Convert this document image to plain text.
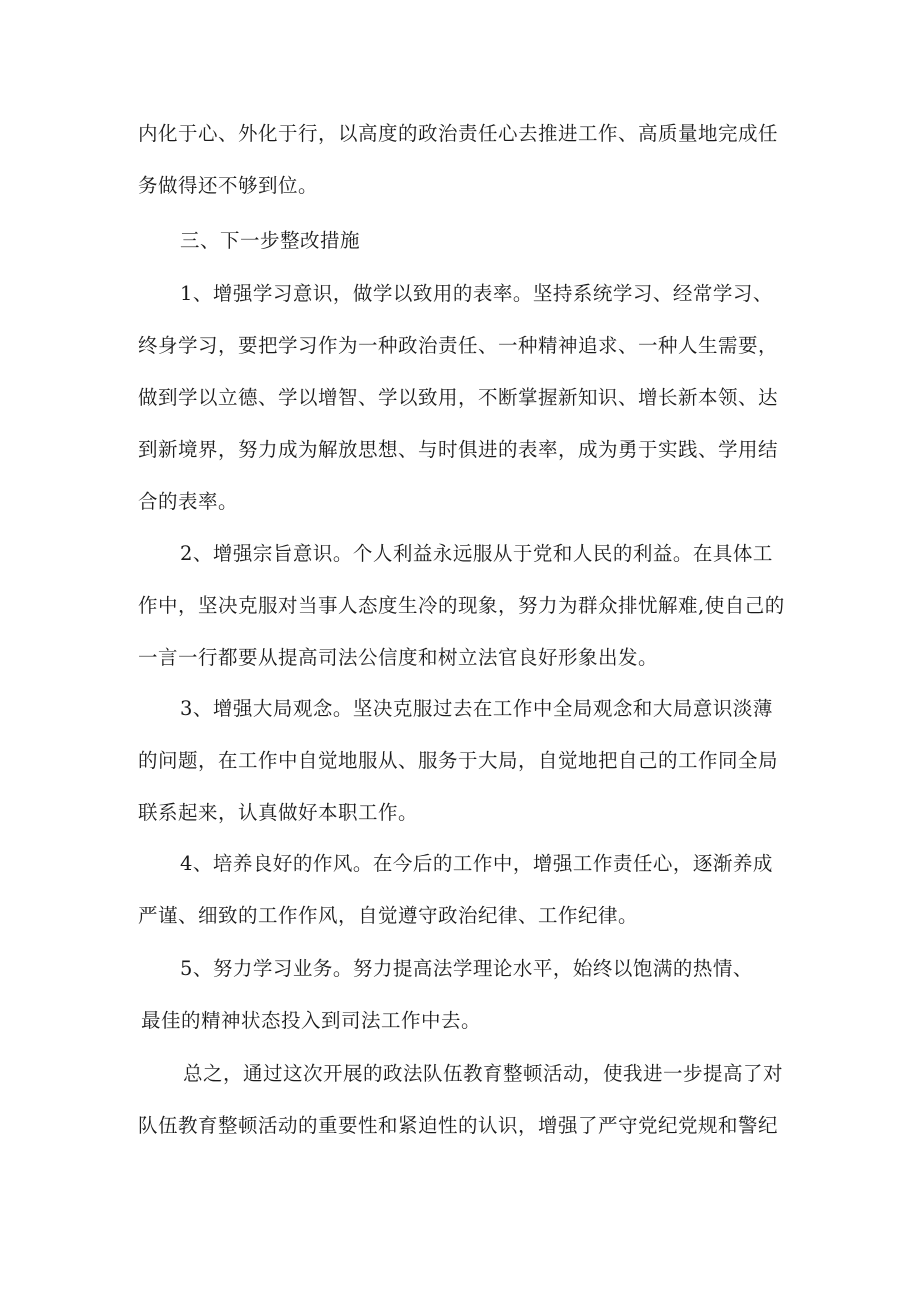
内化于心、外化于行，以高度的政治责任心去推进工作、高质量地完成任
务做得还不够到位。
三、下一步整改措施
1、增强学习意识，做学以致用的表率。坚持系统学习、经常学习、
终身学习，要把学习作为一种政治责任、一种精神追求、一种人生需要，
做到学以立德、学以增智、学以致用，不断掌握新知识、增长新本领、达
到新境界，努力成为解放思想、与时俱进的表率，成为勇于实践、学用结
合的表率。
2、增强宗旨意识。个人利益永远服从于党和人民的利益。在具体工
作中，坚决克服对当事人态度生冷的现象，努力为群众排忧解难,使自己的
一言一行都要从提高司法公信度和树立法官良好形象出发。
3、增强大局观念。坚决克服过去在工作中全局观念和大局意识淡薄
的问题，在工作中自觉地服从、服务于大局，自觉地把自己的工作同全局
联系起来，认真做好本职工作。
4、培养良好的作风。在今后的工作中，增强工作责任心，逐渐养成
严谨、细致的工作作风，自觉遵守政治纪律、工作纪律。
5、努力学习业务。努力提高法学理论水平，始终以饱满的热情、
最佳的精神状态投入到司法工作中去。
总之，通过这次开展的政法队伍教育整顿活动，使我进一步提高了对
队伍教育整顿活动的重要性和紧迫性的认识，增强了严守党纪党规和警纪
